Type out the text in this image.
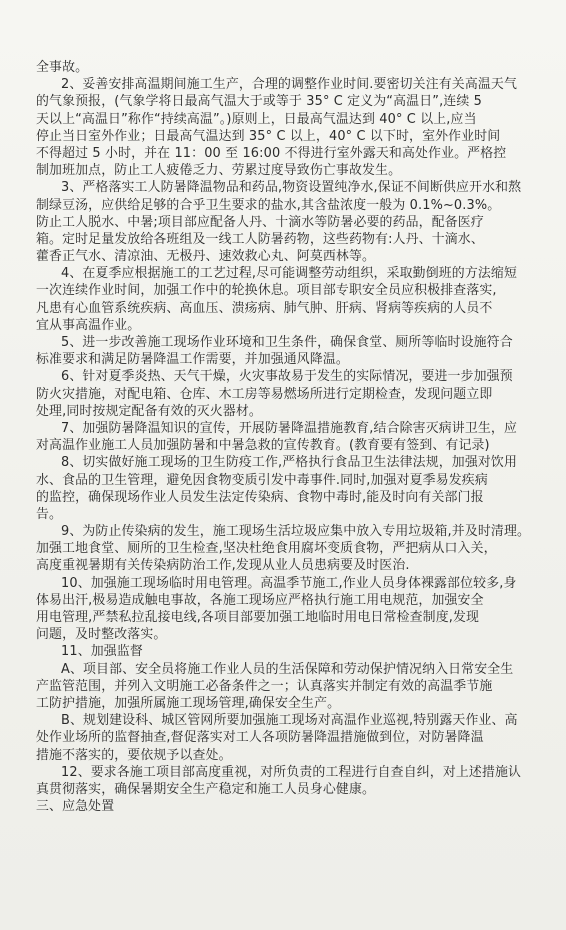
全事故。
2、妥善安排高温期间施工生产，合理的调整作业时间.要密切关注有关高温天气
的气象预报，(气象学将日最高气温大于或等于 35° C 定义为“高温日”,连续 5
天以上“高温日”称作“持续高温”。)原则上，日最高气温达到 40° C 以上,应当
停止当日室外作业；日最高气温达到 35° C 以上，40° C 以下时，室外作业时间
不得超过 5 小时，并在 11：00 至 16:00 不得进行室外露天和高处作业。严格控
制加班加点，防止工人疲倦乏力、劳累过度导致伤亡事故发生。
3、严格落实工人防暑降温物品和药品,物资设置纯净水,保证不间断供应开水和熬
制绿豆汤，应供给足够的合乎卫生要求的盐水,其含盐浓度一般为 0.1%~0.3%。
防止工人脱水、中暑;项目部应配备人丹、十滴水等防暑必要的药品，配备医疗
箱。定时足量发放给各班组及一线工人防暑药物，这些药物有:人丹、十滴水、
藿香正气水、清凉油、无极丹、速效救心丸、阿莫西林等。
4、在夏季应根据施工的工艺过程,尽可能调整劳动组织，采取勤倒班的方法缩短
一次连续作业时间，加强工作中的轮换休息。项目部专职安全员应积极排查落实,
凡患有心血管系统疾病、高血压、溃疡病、肺气肿、肝病、肾病等疾病的人员不
宜从事高温作业。
5、进一步改善施工现场作业环境和卫生条件，确保食堂、厕所等临时设施符合
标准要求和满足防暑降温工作需要，并加强通风降温。
6、针对夏季炎热、天气干燥，火灾事故易于发生的实际情况，要进一步加强预
防火灾措施，对配电箱、仓库、木工房等易燃场所进行定期检查，发现问题立即
处理,同时按规定配备有效的灭火器材。
7、加强防暑降温知识的宣传，开展防暑降温措施教育,结合除害灭病讲卫生，应
对高温作业施工人员加强防暑和中暑急救的宣传教育。(教育要有签到、有记录)
8、切实做好施工现场的卫生防疫工作,严格执行食品卫生法律法规，加强对饮用
水、食品的卫生管理，避免因食物变质引发中毒事件.同时,加强对夏季易发疾病
的监控，确保现场作业人员发生法定传染病、食物中毒时,能及时向有关部门报
告。
9、为防止传染病的发生，施工现场生活垃圾应集中放入专用垃圾箱,并及时清理。
加强工地食堂、厕所的卫生检查,坚决杜绝食用腐坏变质食物，严把病从口入关，
高度重视暑期有关传染病防治工作,发现从业人员患病要及时医治.
10、加强施工现场临时用电管理。高温季节施工,作业人员身体裸露部位较多,身
体易出汗,极易造成触电事故，各施工现场应严格执行施工用电规范，加强安全
用电管理,严禁私拉乱接电线,各项目部要加强工地临时用电日常检查制度,发现
问题，及时整改落实。
11、加强监督
A、项目部、安全员将施工作业人员的生活保障和劳动保护情况纳入日常安全生
产监管范围，并列入文明施工必备条件之一；认真落实并制定有效的高温季节施
工防护措施，加强所属施工现场管理,确保安全生产。
B、规划建设科、城区管网所要加强施工现场对高温作业巡视,特别露天作业、高
处作业场所的监督抽查,督促落实对工人各项防暑降温措施做到位，对防暑降温
措施不落实的，要依规予以查处。
12、要求各施工项目部高度重视，对所负责的工程进行自查自纠，对上述措施认
真贯彻落实，确保暑期安全生产稳定和施工人员身心健康。
三、应急处置
